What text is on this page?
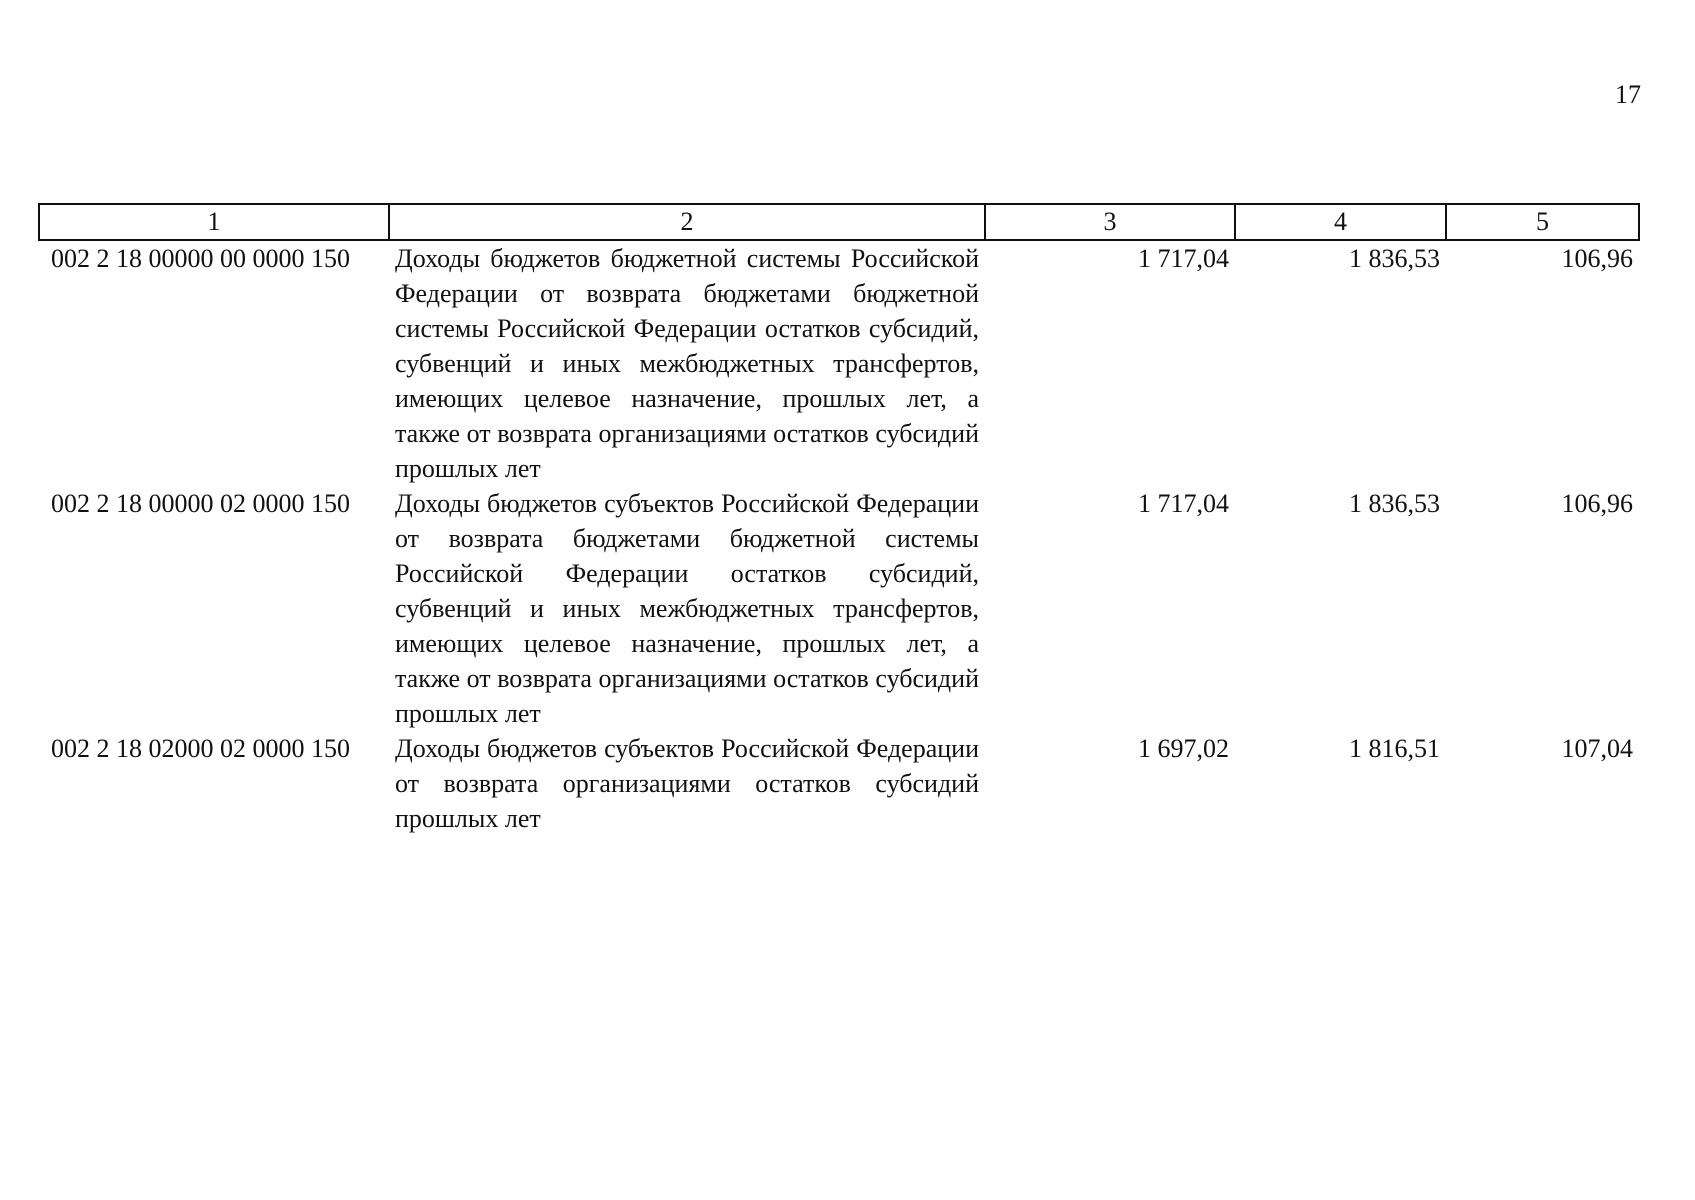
17
1	2	3	4	5
002 2 18 00000 00 0000 150	Доходы бюджетов бюджетной системы Российской Федерации от возврата бюджетами бюджетной системы Российской Федерации остатков субсидий, субвенций и иных межбюджетных трансфертов, имеющих целевое назначение, прошлых лет, а также от возврата организациями остатков субсидий прошлых лет	1 717,04	1 836,53	106,96
002 2 18 00000 02 0000 150	Доходы бюджетов субъектов Российской Федерации от возврата бюджетами бюджетной системы Российской Федерации остатков субсидий, субвенций и иных межбюджетных трансфертов, имеющих целевое назначение, прошлых лет, а также от возврата организациями остатков субсидий прошлых лет	1 717,04	1 836,53	106,96
002 2 18 02000 02 0000 150	Доходы бюджетов субъектов Российской Федерации от возврата организациями остатков субсидий прошлых лет	1 697,02	1 816,51	107,04
